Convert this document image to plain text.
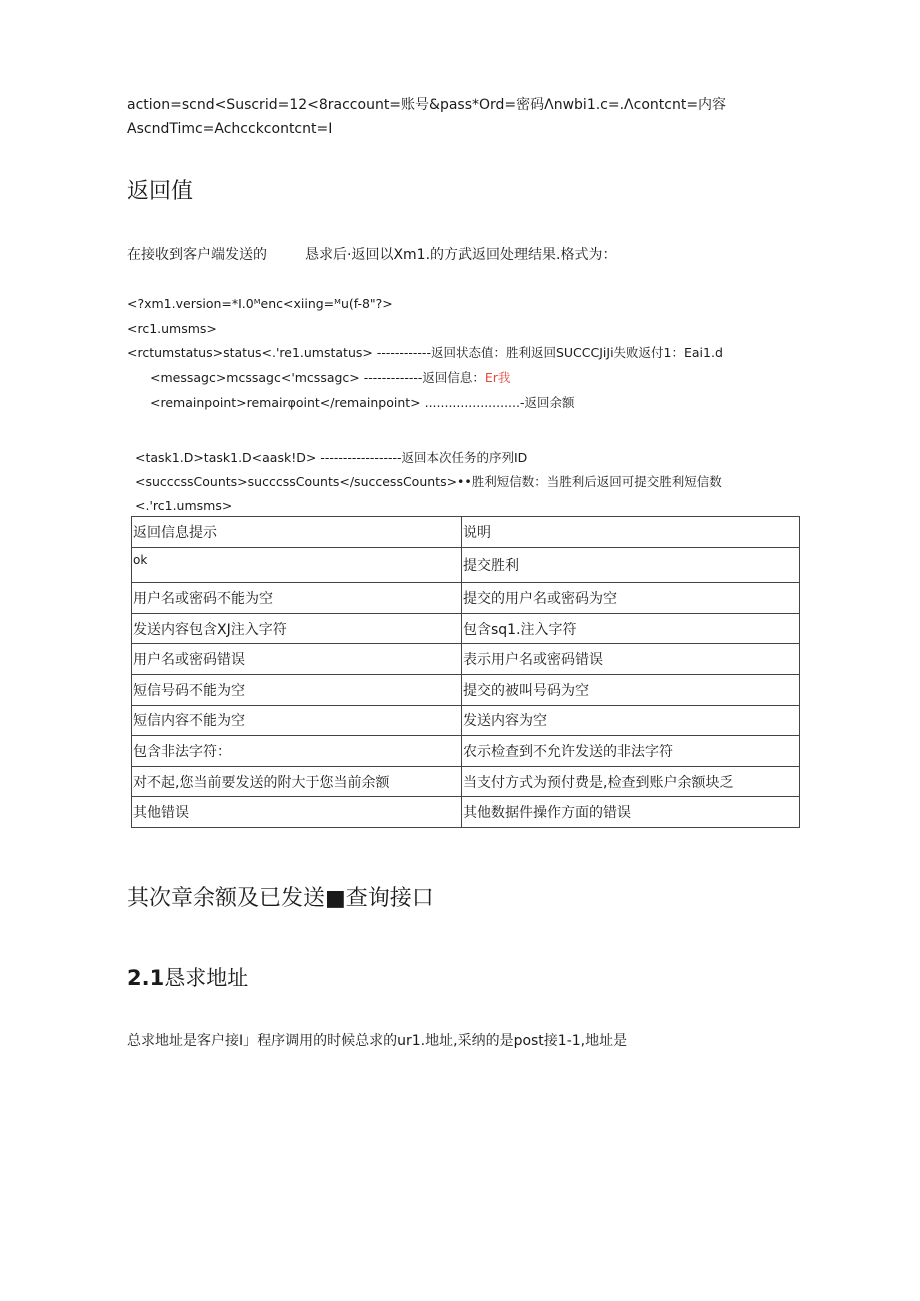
action=scnd<Suscrid=12<8raccount=账号&pass*Ord=密码Λnwbi1.c=.Λcontcnt=内容
AscndTimc=Achcckcontcnt=I
返回值
在接收到客户端发送的	恳求后·返回以Xm1.的方武返回处理结果.格式为：
<?xm1.version=*I.0ᴹenc<xiing=ᴹu(f-8"?>
<rc1.umsms>
<rctumstatus>status<.'re1.umstatus> ------------返回状态值：胜利返回SUCCCJiJi失败返付1：Eai1.d
<messagc>mcssagc<'mcssagc> -------------返回信息：Er我
<remainpoint>remairφoint</remainpoint> ........................-返回余额
<task1.D>task1.D<aask!D> ------------------返回本次任务的序列ID
<succcssCounts>succcssCounts</successCounts>••胜利短信数：当胜利后返回可提交胜利短信数
<.'rc1.umsms>
返回信息提示	说明
ok	提交胜利
用户名或密码不能为空	提交的用户名或密码为空
发送内容包含XJ注入字符	包含sq1.注入字符
用户名或密码错误	表示用户名或密码错误
短信号码不能为空	提交的被叫号码为空
短信内容不能为空	发送内容为空
包含非法字符：	农示检查到不允许发送的非法字符
对不起,您当前要发送的附大于您当前余额	当支付方式为预付费是,检查到账户余额块乏
其他错误	其他数据件操作方面的错误
其次章余额及已发送■查询接口
2.1恳求地址
总求地址是客户接I」程序调用的时候总求的ur1.地址,采纳的是post接1-1,地址是
